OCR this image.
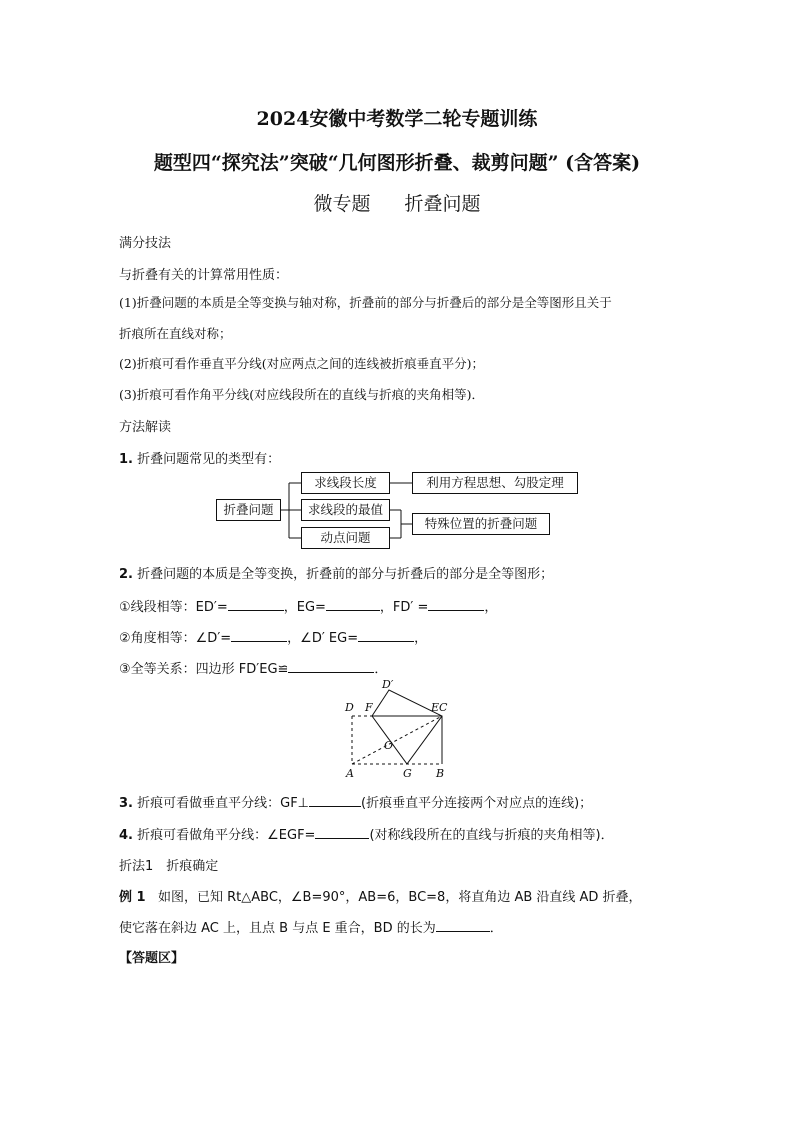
2024安徽中考数学二轮专题训练
题型四“探究法”突破“几何图形折叠、裁剪问题” (含答案)
微专题 折叠问题
满分技法
与折叠有关的计算常用性质：
(1)折叠问题的本质是全等变换与轴对称，折叠前的部分与折叠后的部分是全等图形且关于
折痕所在直线对称；
(2)折痕可看作垂直平分线(对应两点之间的连线被折痕垂直平分)；
(3)折痕可看作角平分线(对应线段所在的直线与折痕的夹角相等)．
方法解读
1. 折叠问题常见的类型有：
折叠问题
求线段长度
求线段的最值
动点问题
利用方程思想、勾股定理
特殊位置的折叠问题
2. 折叠问题的本质是全等变换，折叠前的部分与折叠后的部分是全等图形；
①线段相等：ED′=	，EG=	，FD′ =	，
②角度相等：∠D′=	，∠D′ EG=	，
③全等关系：四边形 FD′EG≌	．
D F
D′
EC
O
A	G B
3. 折痕可看做垂直平分线：GF⊥	(折痕垂直平分连接两个对应点的连线)；
4. 折痕可看做角平分线：∠EGF=	(对称线段所在的直线与折痕的夹角相等)．
折法1　折痕确定
例 1 如图，已知 Rt△ABC，∠B=90°，AB=6，BC=8，将直角边 AB 沿直线 AD 折叠，
使它落在斜边 AC 上，且点 B 与点 E 重合，BD 的长为	．
【答题区】
